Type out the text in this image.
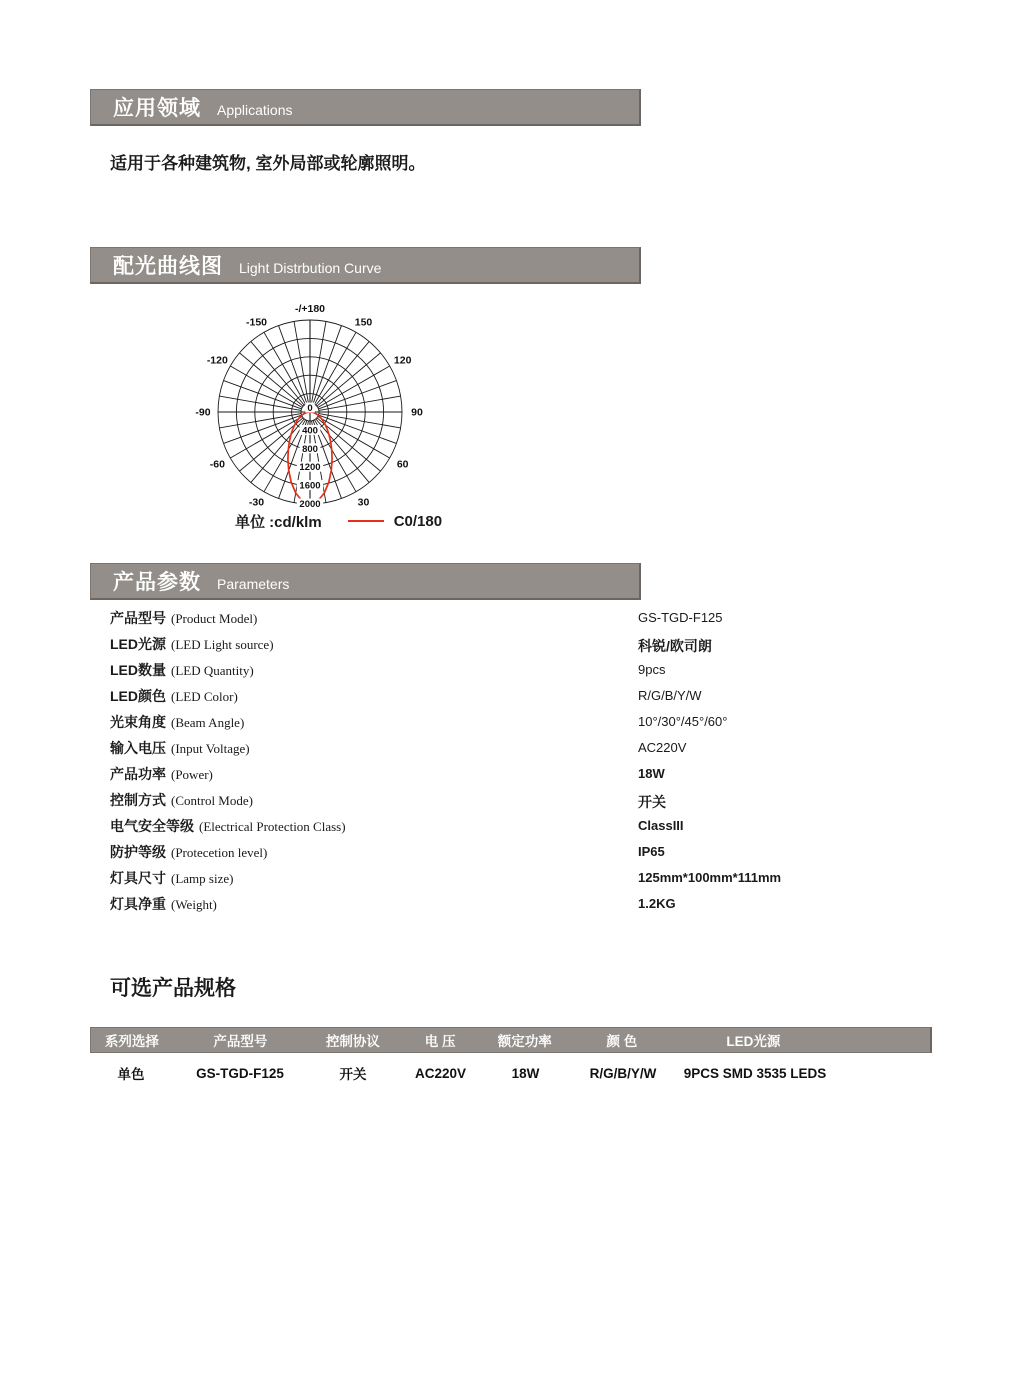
应用领域 Applications
适用于各种建筑物, 室外局部或轮廓照明。
配光曲线图 Light Distrbution Curve
30
60
90
120
150
-30
-60
-90
-120
-150
-/+180
0
400
800
1200
1600
2000
单位 :cd/klm	C0/180
产品参数 Parameters
产品型号 (Product Model)	GS-TGD-F125
LED光源 (LED Light source)	科锐/欧司朗
LED数量 (LED Quantity)	9pcs
LED颜色 (LED Color)	R/G/B/Y/W
光束角度 (Beam Angle)	10°/30°/45°/60°
输入电压 (Input Voltage)	AC220V
产品功率 (Power)	18W
控制方式 (Control Mode)	开关
电气安全等级 (Electrical Protection Class)	ClassIII
防护等级 (Protecetion level)	IP65
灯具尺寸 (Lamp size)	125mm*100mm*111mm
灯具净重 (Weight)	1.2KG
可选产品规格
系列选择	产品型号	控制协议	电 压	额定功率	颜 色	LED光源
单色	GS-TGD-F125	开关	AC220V	18W	R/G/B/Y/W	9PCS SMD 3535 LEDS
